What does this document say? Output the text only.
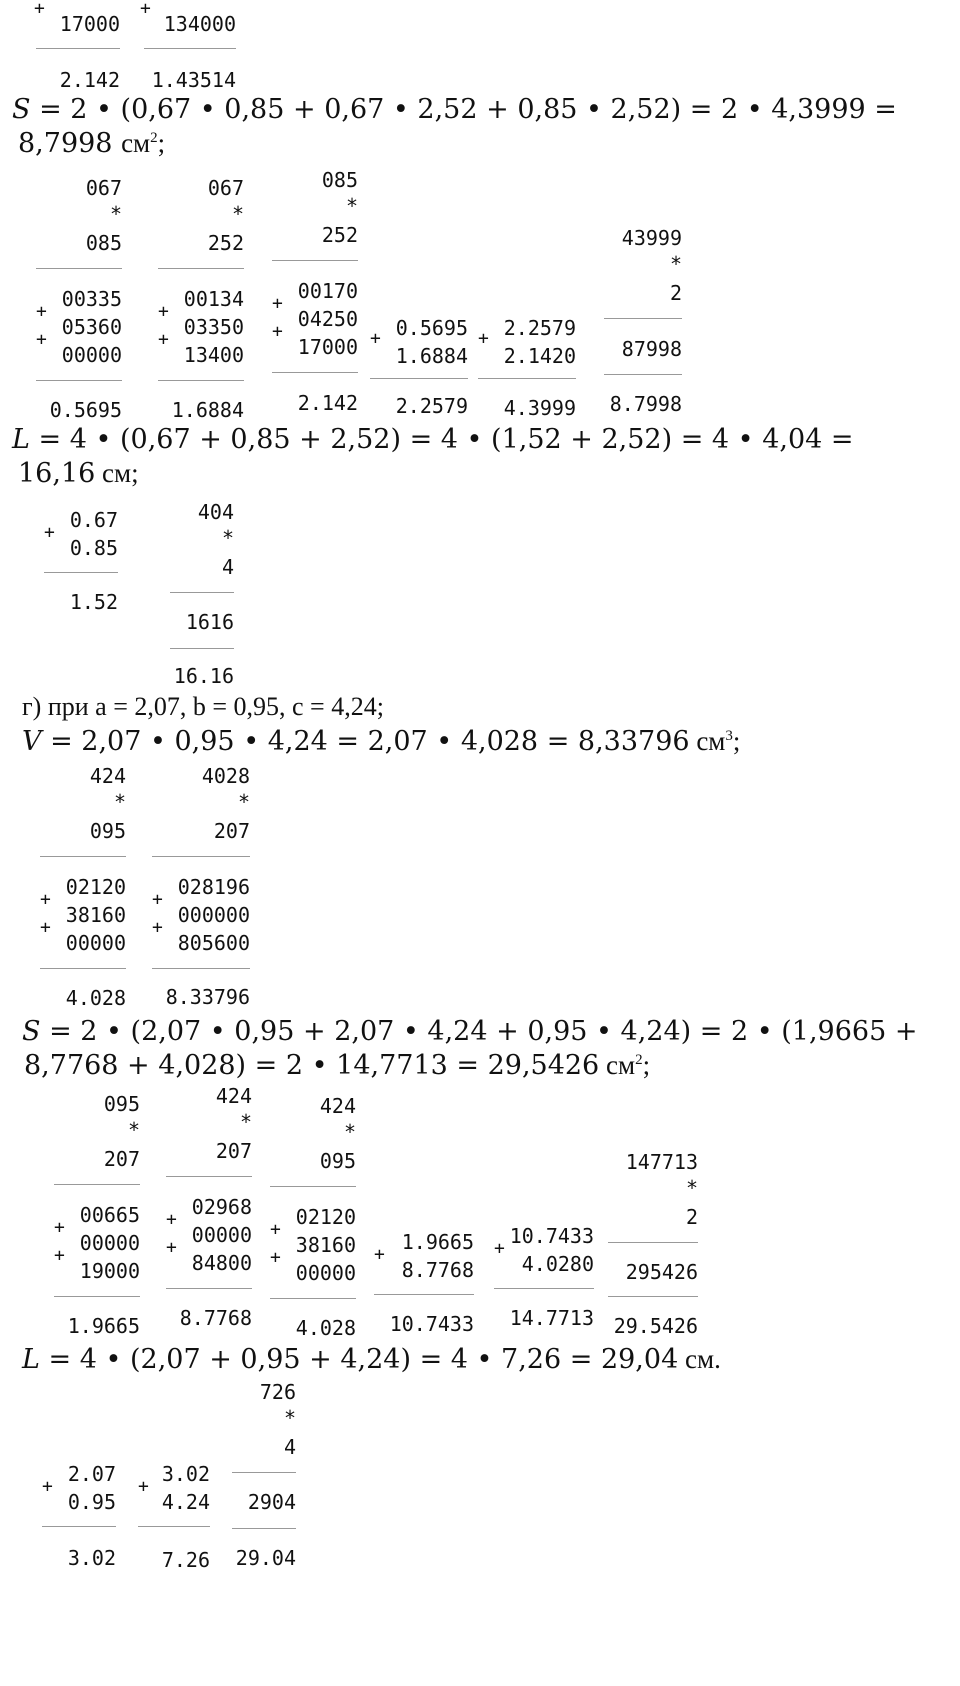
+
17000
2.142
+
134000
1.43514
S = 2 • (0,67 • 0,85 + 0,67 • 2,52 + 0,85 • 2,52) = 2 • 4,3999 =
8,7998 $см^2$;
067
*
085
+
+
00335
05360
00000
0.5695
067
*
252
+
+
00134
03350
13400
1.6884
085
*
252
+
+
00170
04250
17000
2.142
+ 0.5695
1.6884
2.2579
+ 2.2579
2.1420
4.3999
43999
*
2
87998
8.7998
L = 4 • (0,67 + 0,85 + 2,52) = 4 • (1,52 + 2,52) = 4 • 4,04 =
16,16 см;
+
0.67
0.85
1.52
404
*
4
1616
16.16
г) при а = 2,07, b = 0,95, с = 4,24;
V = 2,07 • 0,95 • 4,24 = 2,07 • 4,028 = 8,33796 $см^3$;
424
*
095
+
+
02120
38160
00000
4.028
4028
*
207
+
+
028196
000000
805600
8.33796
S = 2 • (2,07 • 0,95 + 2,07 • 4,24 + 0,95 • 4,24) = 2 • (1,9665 +
8,7768 + 4,028) = 2 • 14,7713 = 29,5426 $см^2$;
095
*
207
+
+
00665
00000
19000
1.9665
424
*
207
+
+
02968
00000
84800
8.7768
424
*
095
+
+
02120
38160
00000
4.028
+
1.9665
8.7768
10.7433
+
10.7433
4.0280
14.7713
147713
*
2
295426
29.5426
L = 4 • (2,07 + 0,95 + 4,24) = 4 • 7,26 = 29,04 см.
726
*
4
2904
29.04
+
2.07
0.95
3.02
+
3.02
4.24
7.26
